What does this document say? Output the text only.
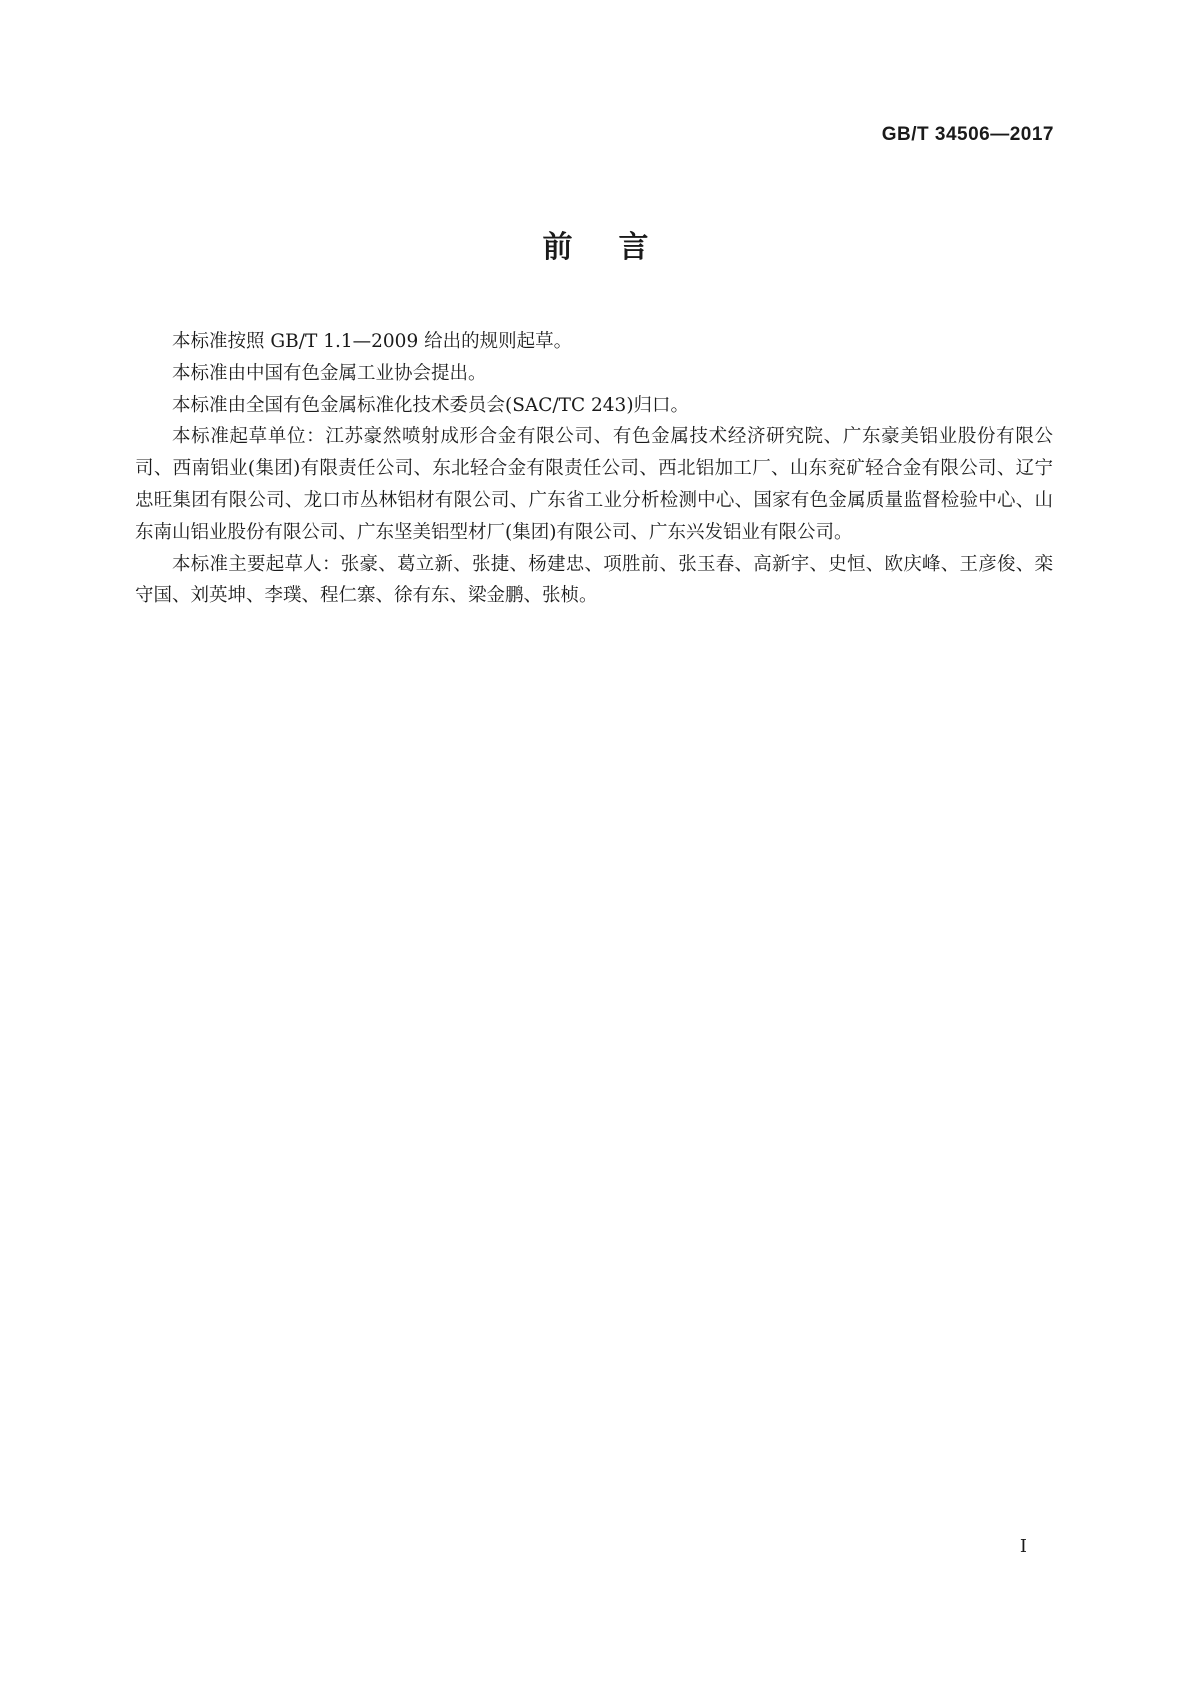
GB/T 34506—2017
前言

本标准按照 GB/T 1.1—2009 给出的规则起草。

本标准由中国有色金属工业协会提出。

本标准由全国有色金属标准化技术委员会(SAC/TC 243)归口。

本标准起草单位：江苏豪然喷射成形合金有限公司、有色金属技术经济研究院、广东豪美铝业股份有限公司、西南铝业(集团)有限责任公司、东北轻合金有限责任公司、西北铝加工厂、山东兖矿轻合金有限公司、辽宁忠旺集团有限公司、龙口市丛林铝材有限公司、广东省工业分析检测中心、国家有色金属质量监督检验中心、山东南山铝业股份有限公司、广东坚美铝型材厂(集团)有限公司、广东兴发铝业有限公司。

本标准主要起草人：张豪、葛立新、张捷、杨建忠、项胜前、张玉春、高新宇、史恒、欧庆峰、王彦俊、栾守国、刘英坤、李璞、程仁寨、徐有东、梁金鹏、张桢。

I
